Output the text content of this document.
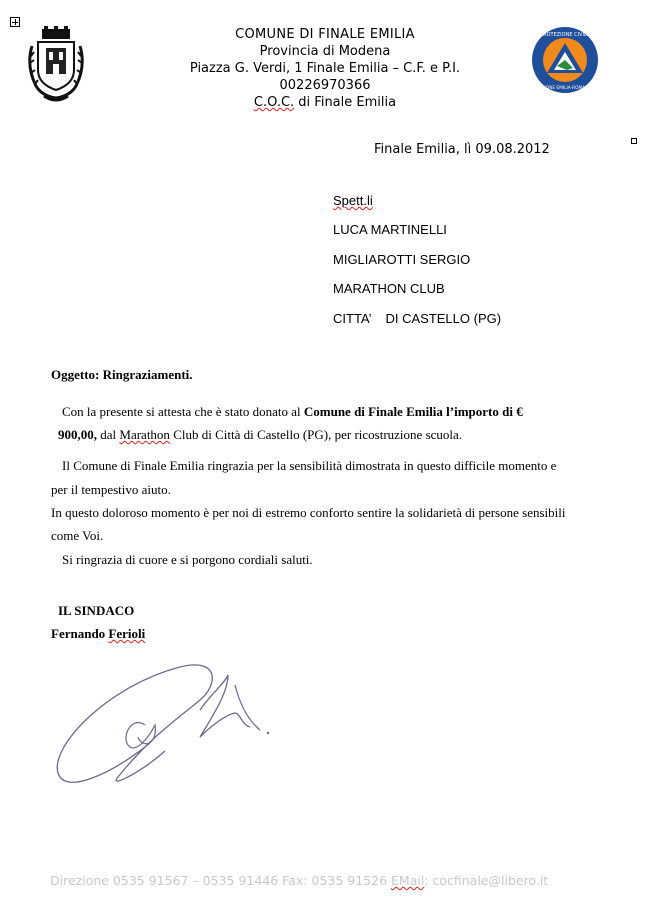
PROTEZIONE CIVILE
REGIONE EMILIA-ROMAGNA
COMUNE DI FINALE EMILIA
Provincia di Modena
Piazza G. Verdi, 1 Finale Emilia – C.F. e P.I.
00226970366
C.O.C. di Finale Emilia
Finale Emilia, lì 09.08.2012
Spett.li
LUCA MARTINELLI
MIGLIAROTTI SERGIO
MARATHON CLUB
CITTA’    DI CASTELLO (PG)
Oggetto: Ringraziamenti.
Con la presente si attesta che è stato donato al Comune di Finale Emilia l’importo di €
900,00, dal Marathon Club di Città di Castello (PG), per ricostruzione scuola.
Il Comune di Finale Emilia ringrazia per la sensibilità dimostrata in questo difficile momento e
per il tempestivo aiuto.
In questo doloroso momento è per noi di estremo conforto sentire la solidarietà di persone sensibili
come Voi.
Si ringrazia di cuore e si porgono cordiali saluti.
IL SINDACO
Fernando Ferioli
Direzione 0535 91567 – 0535 91446 Fax: 0535 91526 EMail: cocfinale@libero.it
